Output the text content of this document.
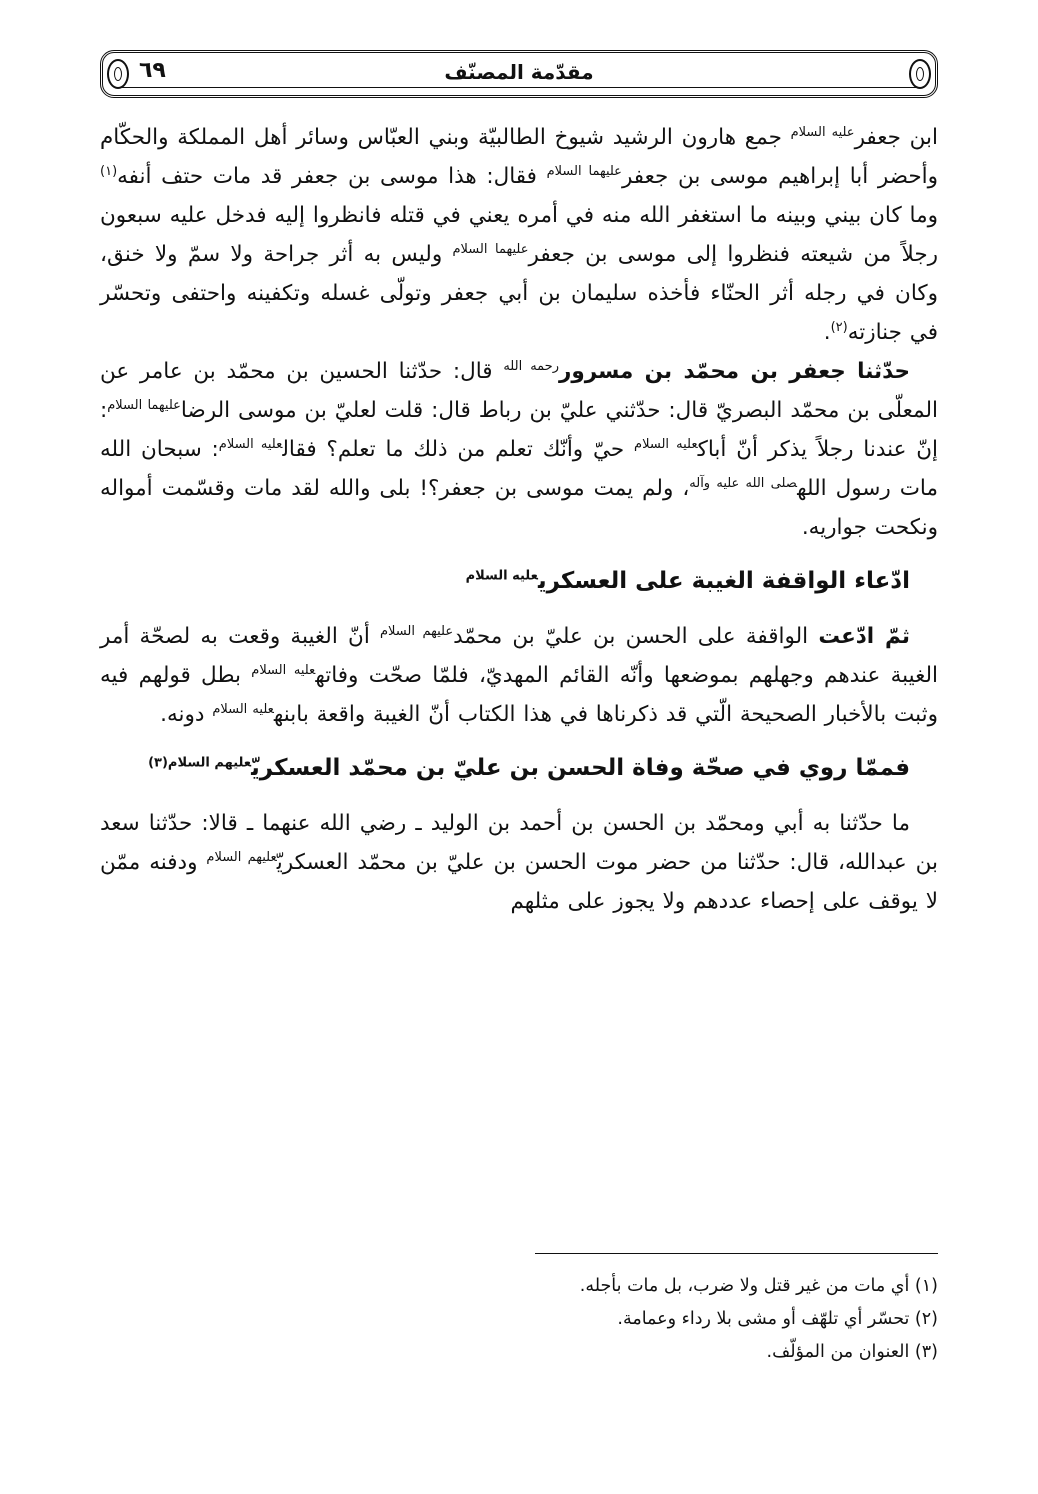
مقدّمة المصنّف
٦٩

ابن جعفر$^{عليه السلام}$ جمع هارون الرشيد شيوخ الطالبيّة وبني العبّاس وسائر أهل المملكة والحكّام وأحضر أبا إبراهيم موسى بن جعفر$^{عليهما السلام}$ فقال: هذا موسى بن جعفر قد مات حتف أنفه$^{(١)}$ وما كان بيني وبينه ما استغفر الله منه في أمره يعني في قتله فانظروا إليه فدخل عليه سبعون رجلاً من شيعته فنظروا إلى موسى بن جعفر$^{عليهما السلام}$ وليس به أثر جراحة ولا سمّ ولا خنق، وكان في رجله أثر الحنّاء فأخذه سليمان بن أبي جعفر وتولّى غسله وتكفينه واحتفى وتحسّر في جنازته$^{(٢)}$.

حدّثنا جعفر بن محمّد بن مسرور$^{رحمه الله}$ قال: حدّثنا الحسين بن محمّد بن عامر عن المعلّى بن محمّد البصريّ قال: حدّثني عليّ بن رباط قال: قلت لعليّ بن موسى الرضا$^{عليهما السلام}$: إنّ عندنا رجلاً يذكر أنّ أباك$^{عليه السلام}$ حيّ وأنّك تعلم من ذلك ما تعلم؟ فقال$^{عليه السلام}$: سبحان الله مات رسول الله$^{صلى الله عليه وآله}$، ولم يمت موسى بن جعفر؟! بلى والله لقد مات وقسّمت أمواله ونكحت جواريه.

ادّعاء الواقفة الغيبة على العسكري$^{عليه السلام}$

ثمّ ادّعت الواقفة على الحسن بن عليّ بن محمّد$^{عليهم السلام}$ أنّ الغيبة وقعت به لصحّة أمر الغيبة عندهم وجهلهم بموضعها وأنّه القائم المهديّ، فلمّا صحّت وفاته$^{عليه السلام}$ بطل قولهم فيه وثبت بالأخبار الصحيحة الّتي قد ذكرناها في هذا الكتاب أنّ الغيبة واقعة بابنه$^{عليه السلام}$ دونه.

فممّا روي في صحّة وفاة الحسن بن عليّ بن محمّد العسكريّ$^{عليهم السلام(٣)}$

ما حدّثنا به أبي ومحمّد بن الحسن بن أحمد بن الوليد ـ رضي الله عنهما ـ قالا: حدّثنا سعد بن عبدالله، قال: حدّثنا من حضر موت الحسن بن عليّ بن محمّد العسكريّ$^{عليهم السلام}$ ودفنه ممّن لا يوقف على إحصاء عددهم ولا يجوز على مثلهم

(١) أي مات من غير قتل ولا ضرب، بل مات بأجله.
(٢) تحسّر أي تلهّف أو مشى بلا رداء وعمامة.
(٣) العنوان من المؤلّف.
